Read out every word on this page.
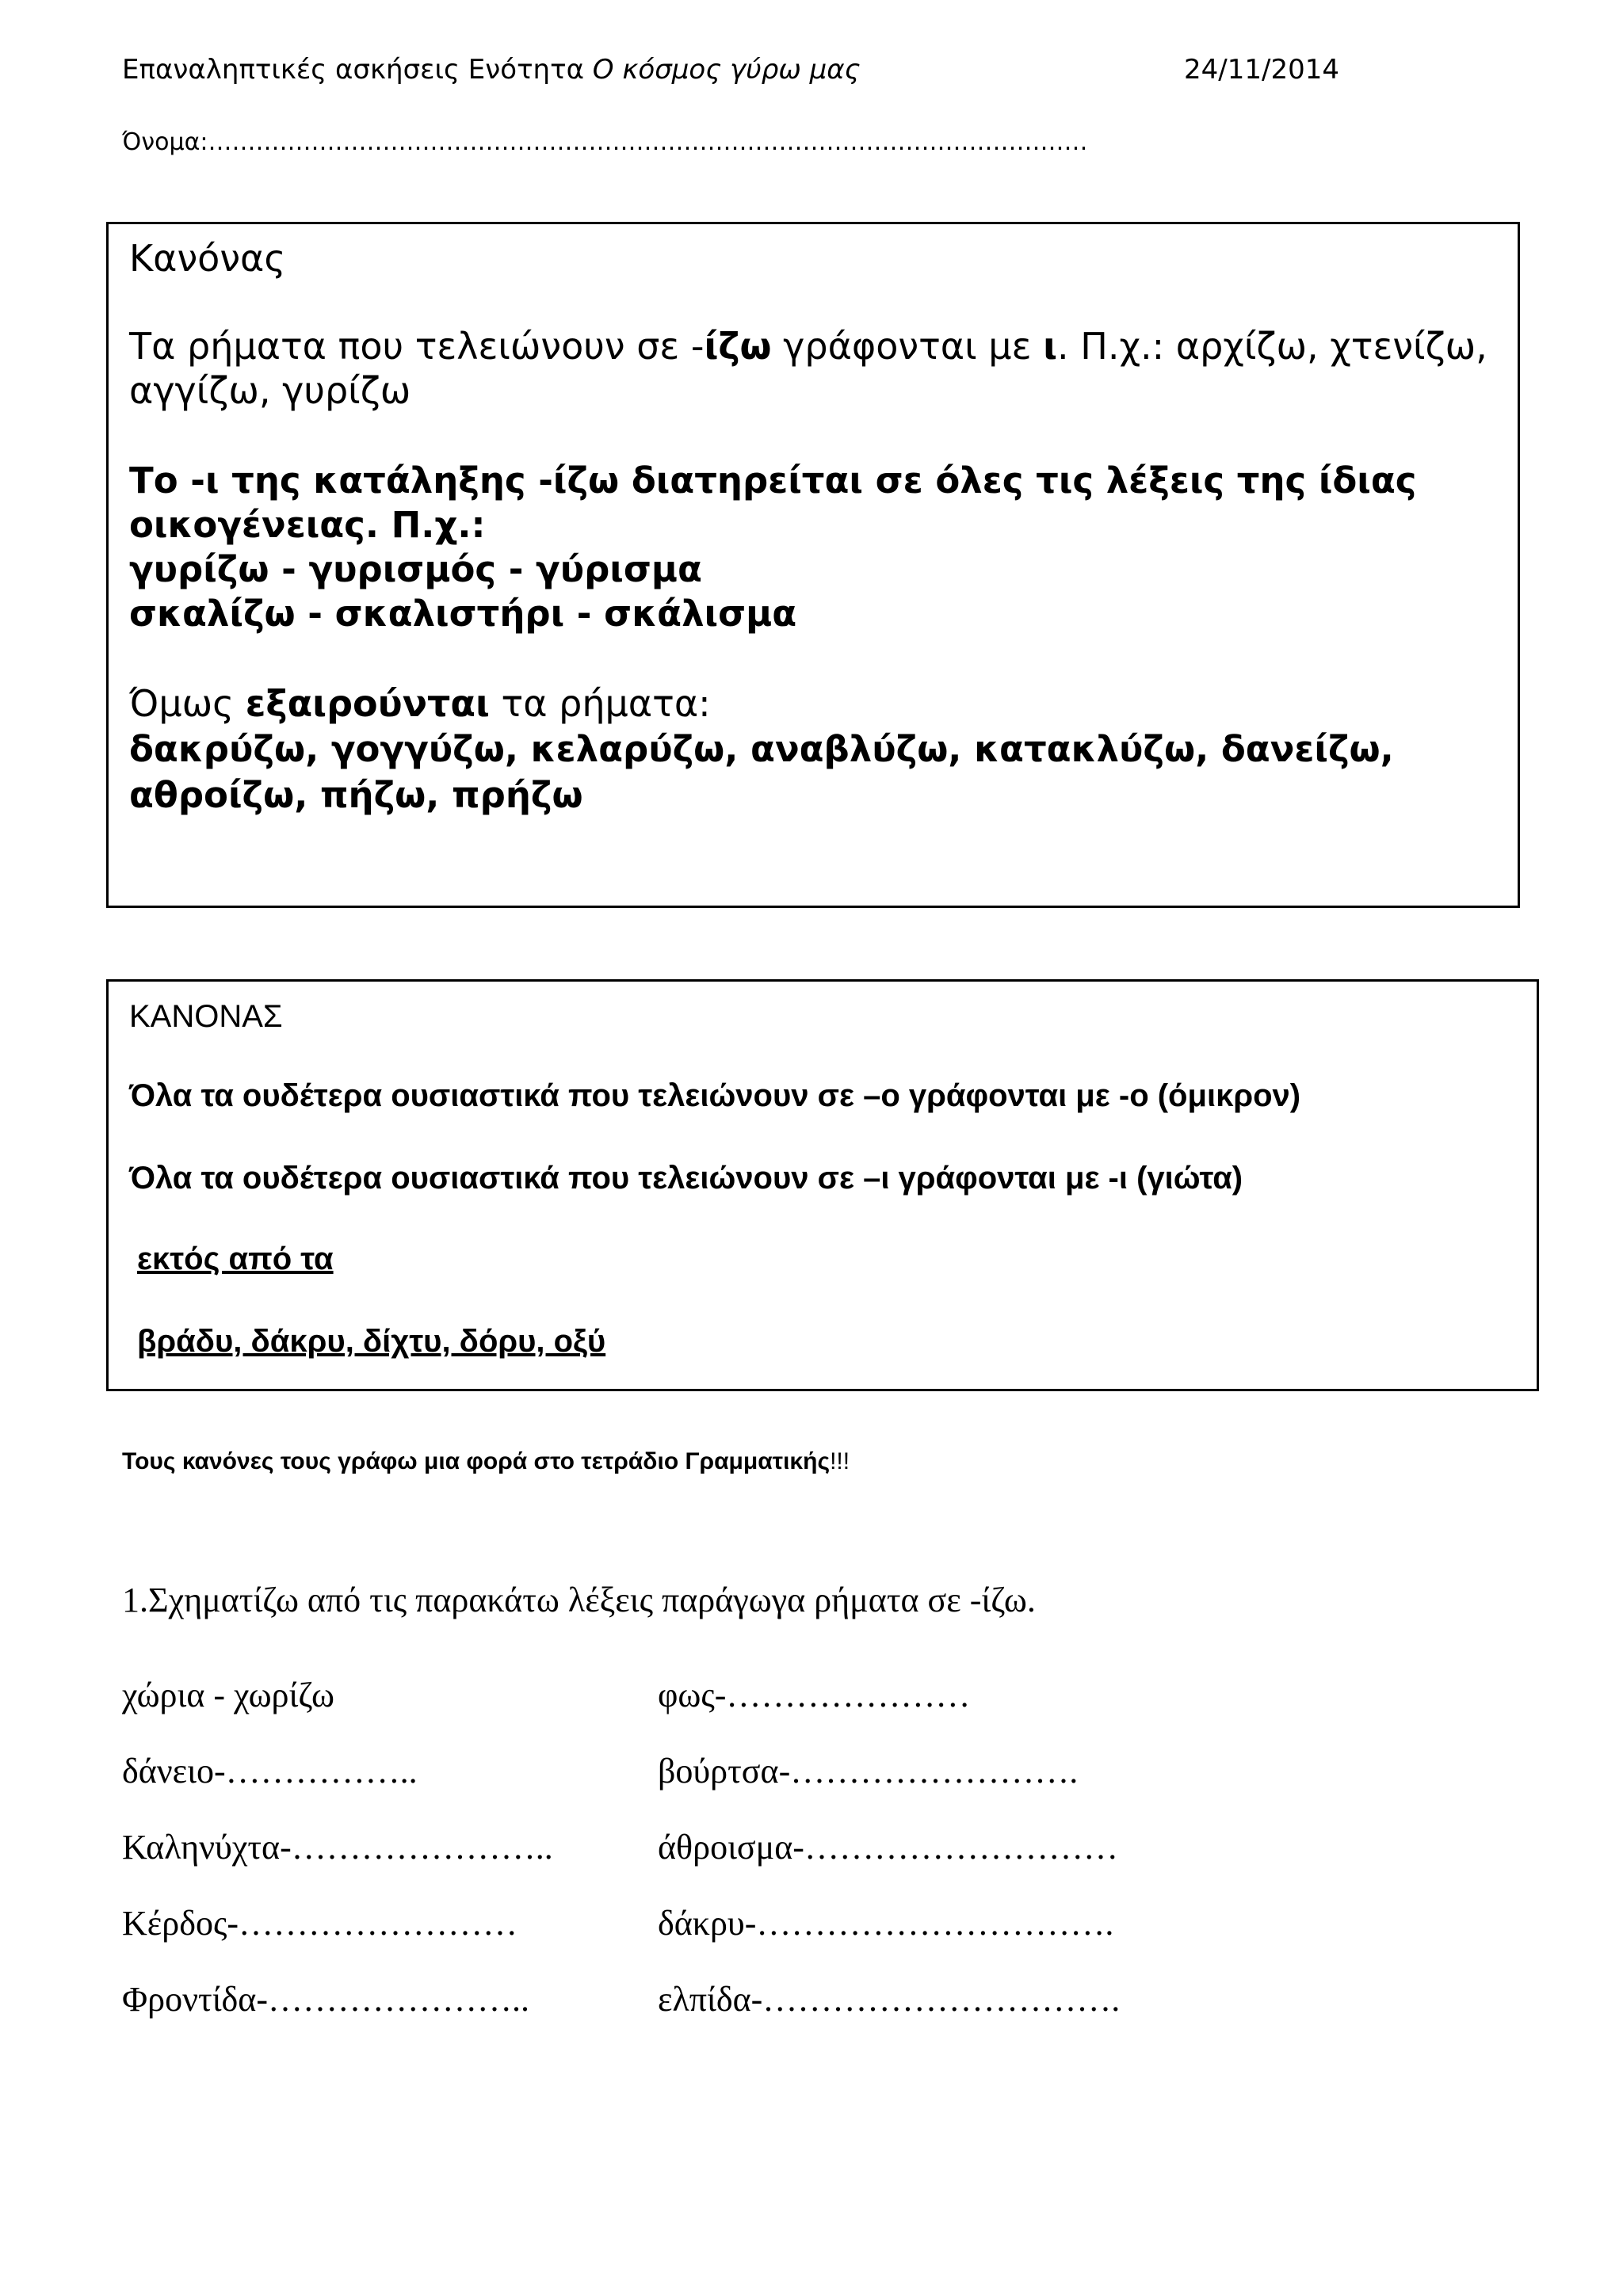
Επαναληπτικές ασκήσεις Ενότητα Ο κόσμος γύρω μας	24/11/2014
Όνομα:…………………………………………………………………………………………………
Κανόνας
Τα ρήματα που τελειώνουν σε -ίζω γράφονται με ι. Π.χ.: αρχίζω, χτενίζω, αγγίζω, γυρίζω
Το -ι της κατάληξης -ίζω διατηρείται σε όλες τις λέξεις της ίδιας οικογένειας. Π.χ.:
γυρίζω - γυρισμός - γύρισμα
σκαλίζω - σκαλιστήρι - σκάλισμα
Όμως εξαιρούνται τα ρήματα:
δακρύζω, γογγύζω, κελαρύζω, αναβλύζω, κατακλύζω, δανείζω, αθροίζω, πήζω, πρήζω
ΚΑΝΟΝΑΣ
Όλα τα ουδέτερα ουσιαστικά που τελειώνουν σε –ο γράφονται με -ο (όμικρον)
Όλα τα ουδέτερα ουσιαστικά που τελειώνουν σε –ι γράφονται με -ι (γιώτα)
εκτός από τα
βράδυ, δάκρυ, δίχτυ, δόρυ, οξύ
Τους κανόνες τους γράφω μια φορά στο τετράδιο Γραμματικής!!!
1.Σχηματίζω από τις παρακάτω λέξεις παράγωγα ρήματα σε -ίζω.
χώρια - χωρίζω
δάνειο-……………..
Καληνύχτα-…………………..
Κέρδος-……………………
Φροντίδα-…………………..
φως-…………………
βούρτσα-…………………….
άθροισμα-………………………
δάκρυ-………………………….
ελπίδα-………………………….
